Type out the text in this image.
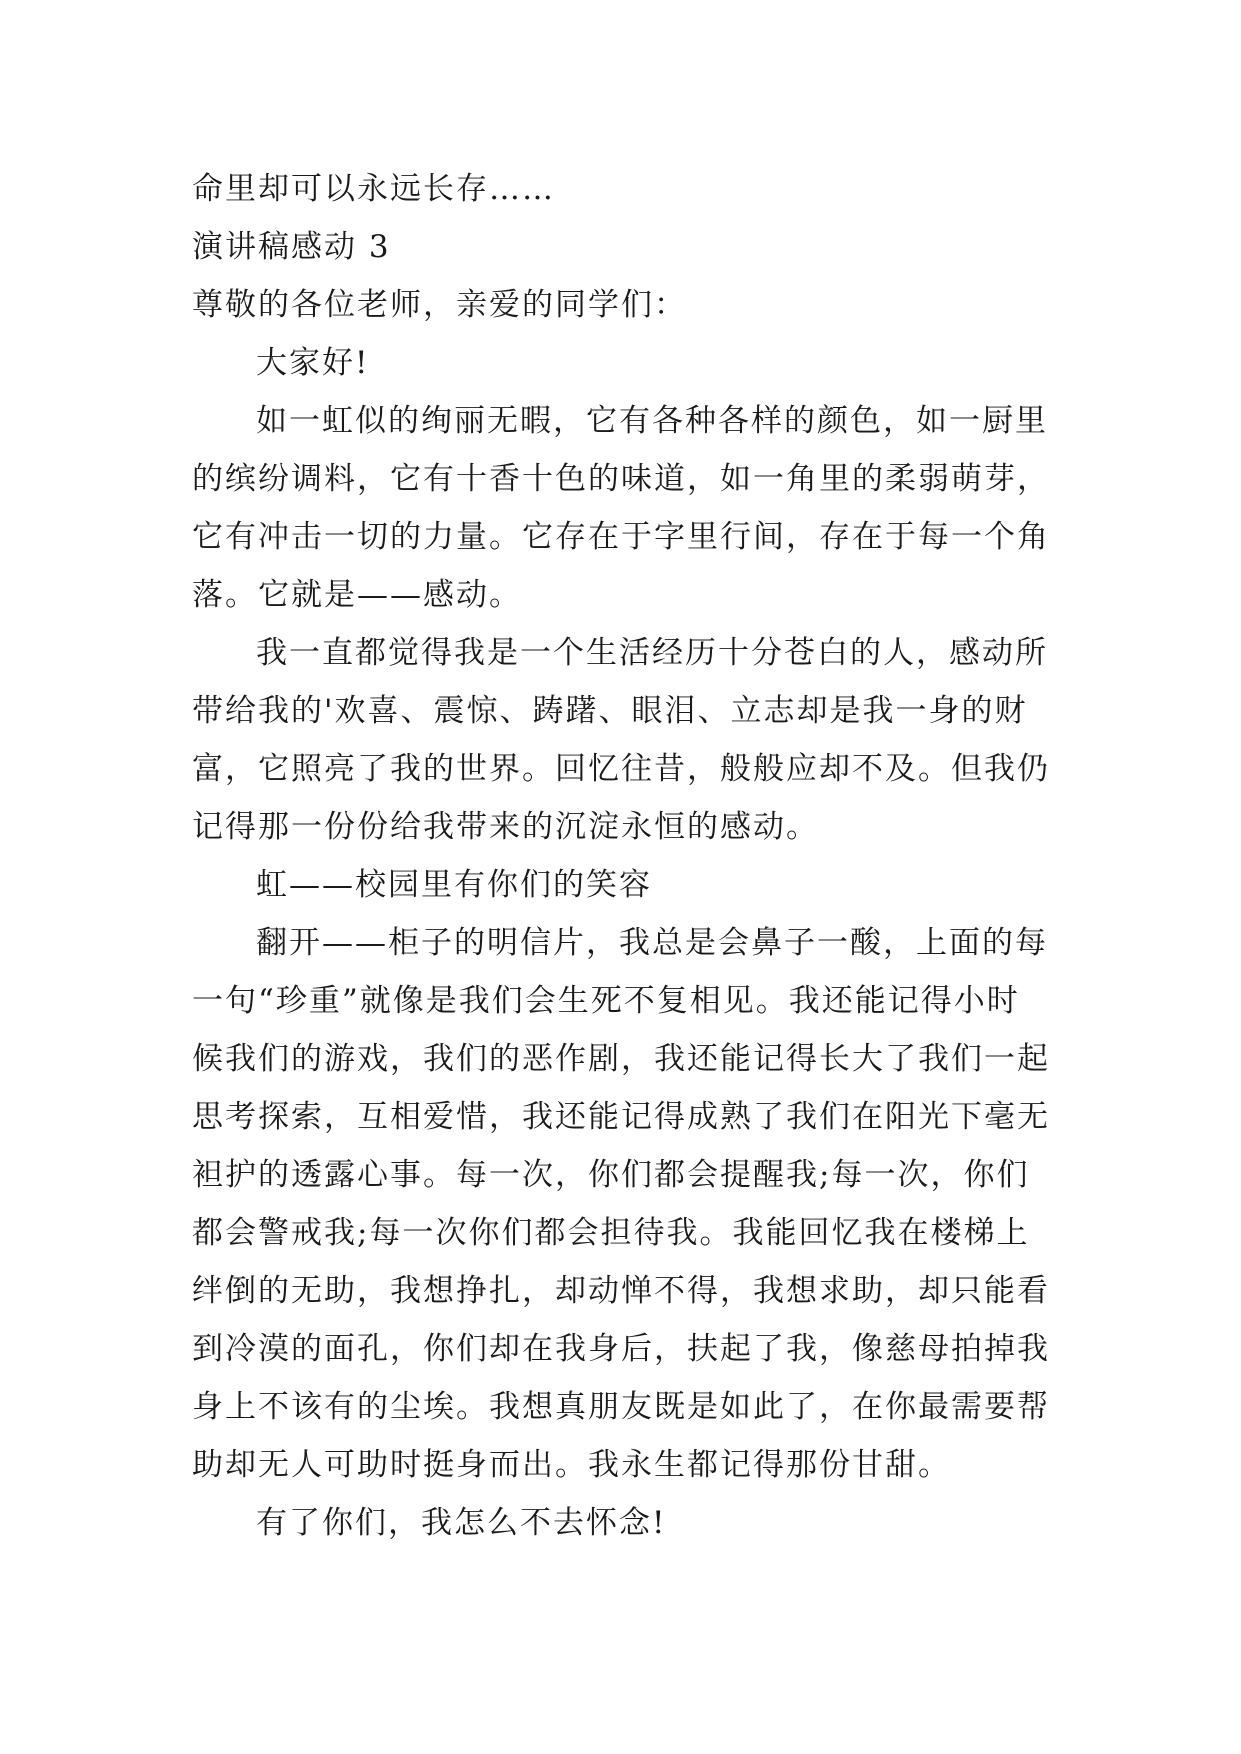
命里却可以永远长存……

演讲稿感动 3

尊敬的各位老师，亲爱的同学们：

大家好!

如一虹似的绚丽无暇，它有各种各样的颜色，如一厨里

的缤纷调料，它有十香十色的味道，如一角里的柔弱萌芽，

它有冲击一切的力量。它存在于字里行间，存在于每一个角

落。它就是——感动。

我一直都觉得我是一个生活经历十分苍白的人，感动所

带给我的'欢喜、震惊、踌躇、眼泪、立志却是我一身的财

富，它照亮了我的世界。回忆往昔，般般应却不及。但我仍

记得那一份份给我带来的沉淀永恒的感动。

虹——校园里有你们的笑容

翻开——柜子的明信片，我总是会鼻子一酸，上面的每

一句“珍重”就像是我们会生死不复相见。我还能记得小时

候我们的游戏，我们的恶作剧，我还能记得长大了我们一起

思考探索，互相爱惜，我还能记得成熟了我们在阳光下毫无

袒护的透露心事。每一次，你们都会提醒我;每一次，你们

都会警戒我;每一次你们都会担待我。我能回忆我在楼梯上

绊倒的无助，我想挣扎，却动惮不得，我想求助，却只能看

到冷漠的面孔，你们却在我身后，扶起了我，像慈母拍掉我

身上不该有的尘埃。我想真朋友既是如此了，在你最需要帮

助却无人可助时挺身而出。我永生都记得那份甘甜。

有了你们，我怎么不去怀念!
